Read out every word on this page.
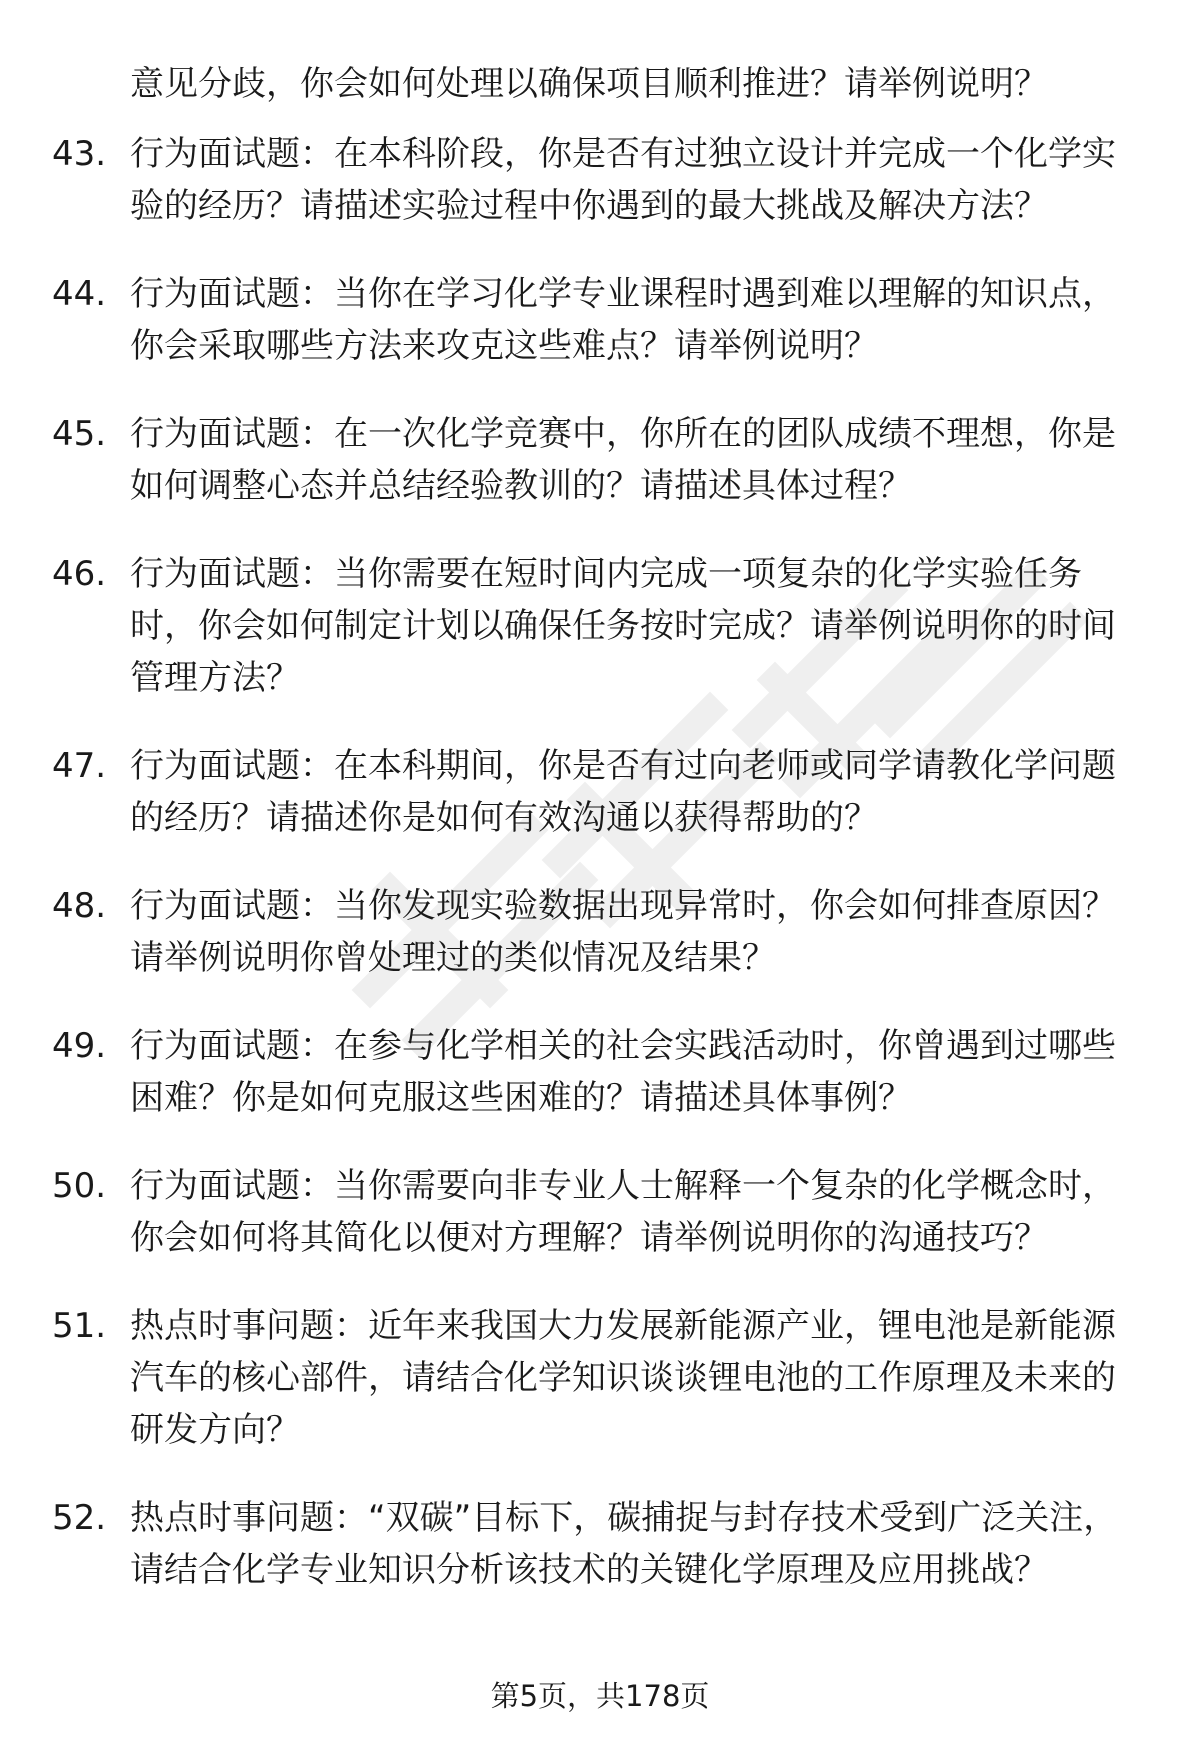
意见分歧，你会如何处理以确保项目顺利推进？请举例说明？
43. 行为面试题：在本科阶段，你是否有过独立设计并完成一个化学实验的经历？请描述实验过程中你遇到的最大挑战及解决方法？
44. 行为面试题：当你在学习化学专业课程时遇到难以理解的知识点，你会采取哪些方法来攻克这些难点？请举例说明？
45. 行为面试题：在一次化学竞赛中，你所在的团队成绩不理想，你是如何调整心态并总结经验教训的？请描述具体过程？
46. 行为面试题：当你需要在短时间内完成一项复杂的化学实验任务时，你会如何制定计划以确保任务按时完成？请举例说明你的时间管理方法？
47. 行为面试题：在本科期间，你是否有过向老师或同学请教化学问题的经历？请描述你是如何有效沟通以获得帮助的？
48. 行为面试题：当你发现实验数据出现异常时，你会如何排查原因？请举例说明你曾处理过的类似情况及结果？
49. 行为面试题：在参与化学相关的社会实践活动时，你曾遇到过哪些困难？你是如何克服这些困难的？请描述具体事例？
50. 行为面试题：当你需要向非专业人士解释一个复杂的化学概念时，你会如何将其简化以便对方理解？请举例说明你的沟通技巧？
51. 热点时事问题：近年来我国大力发展新能源产业，锂电池是新能源汽车的核心部件，请结合化学知识谈谈锂电池的工作原理及未来的研发方向？
52. 热点时事问题：“双碳”目标下，碳捕捉与封存技术受到广泛关注，请结合化学专业知识分析该技术的关键化学原理及应用挑战？
第5页，共178页
